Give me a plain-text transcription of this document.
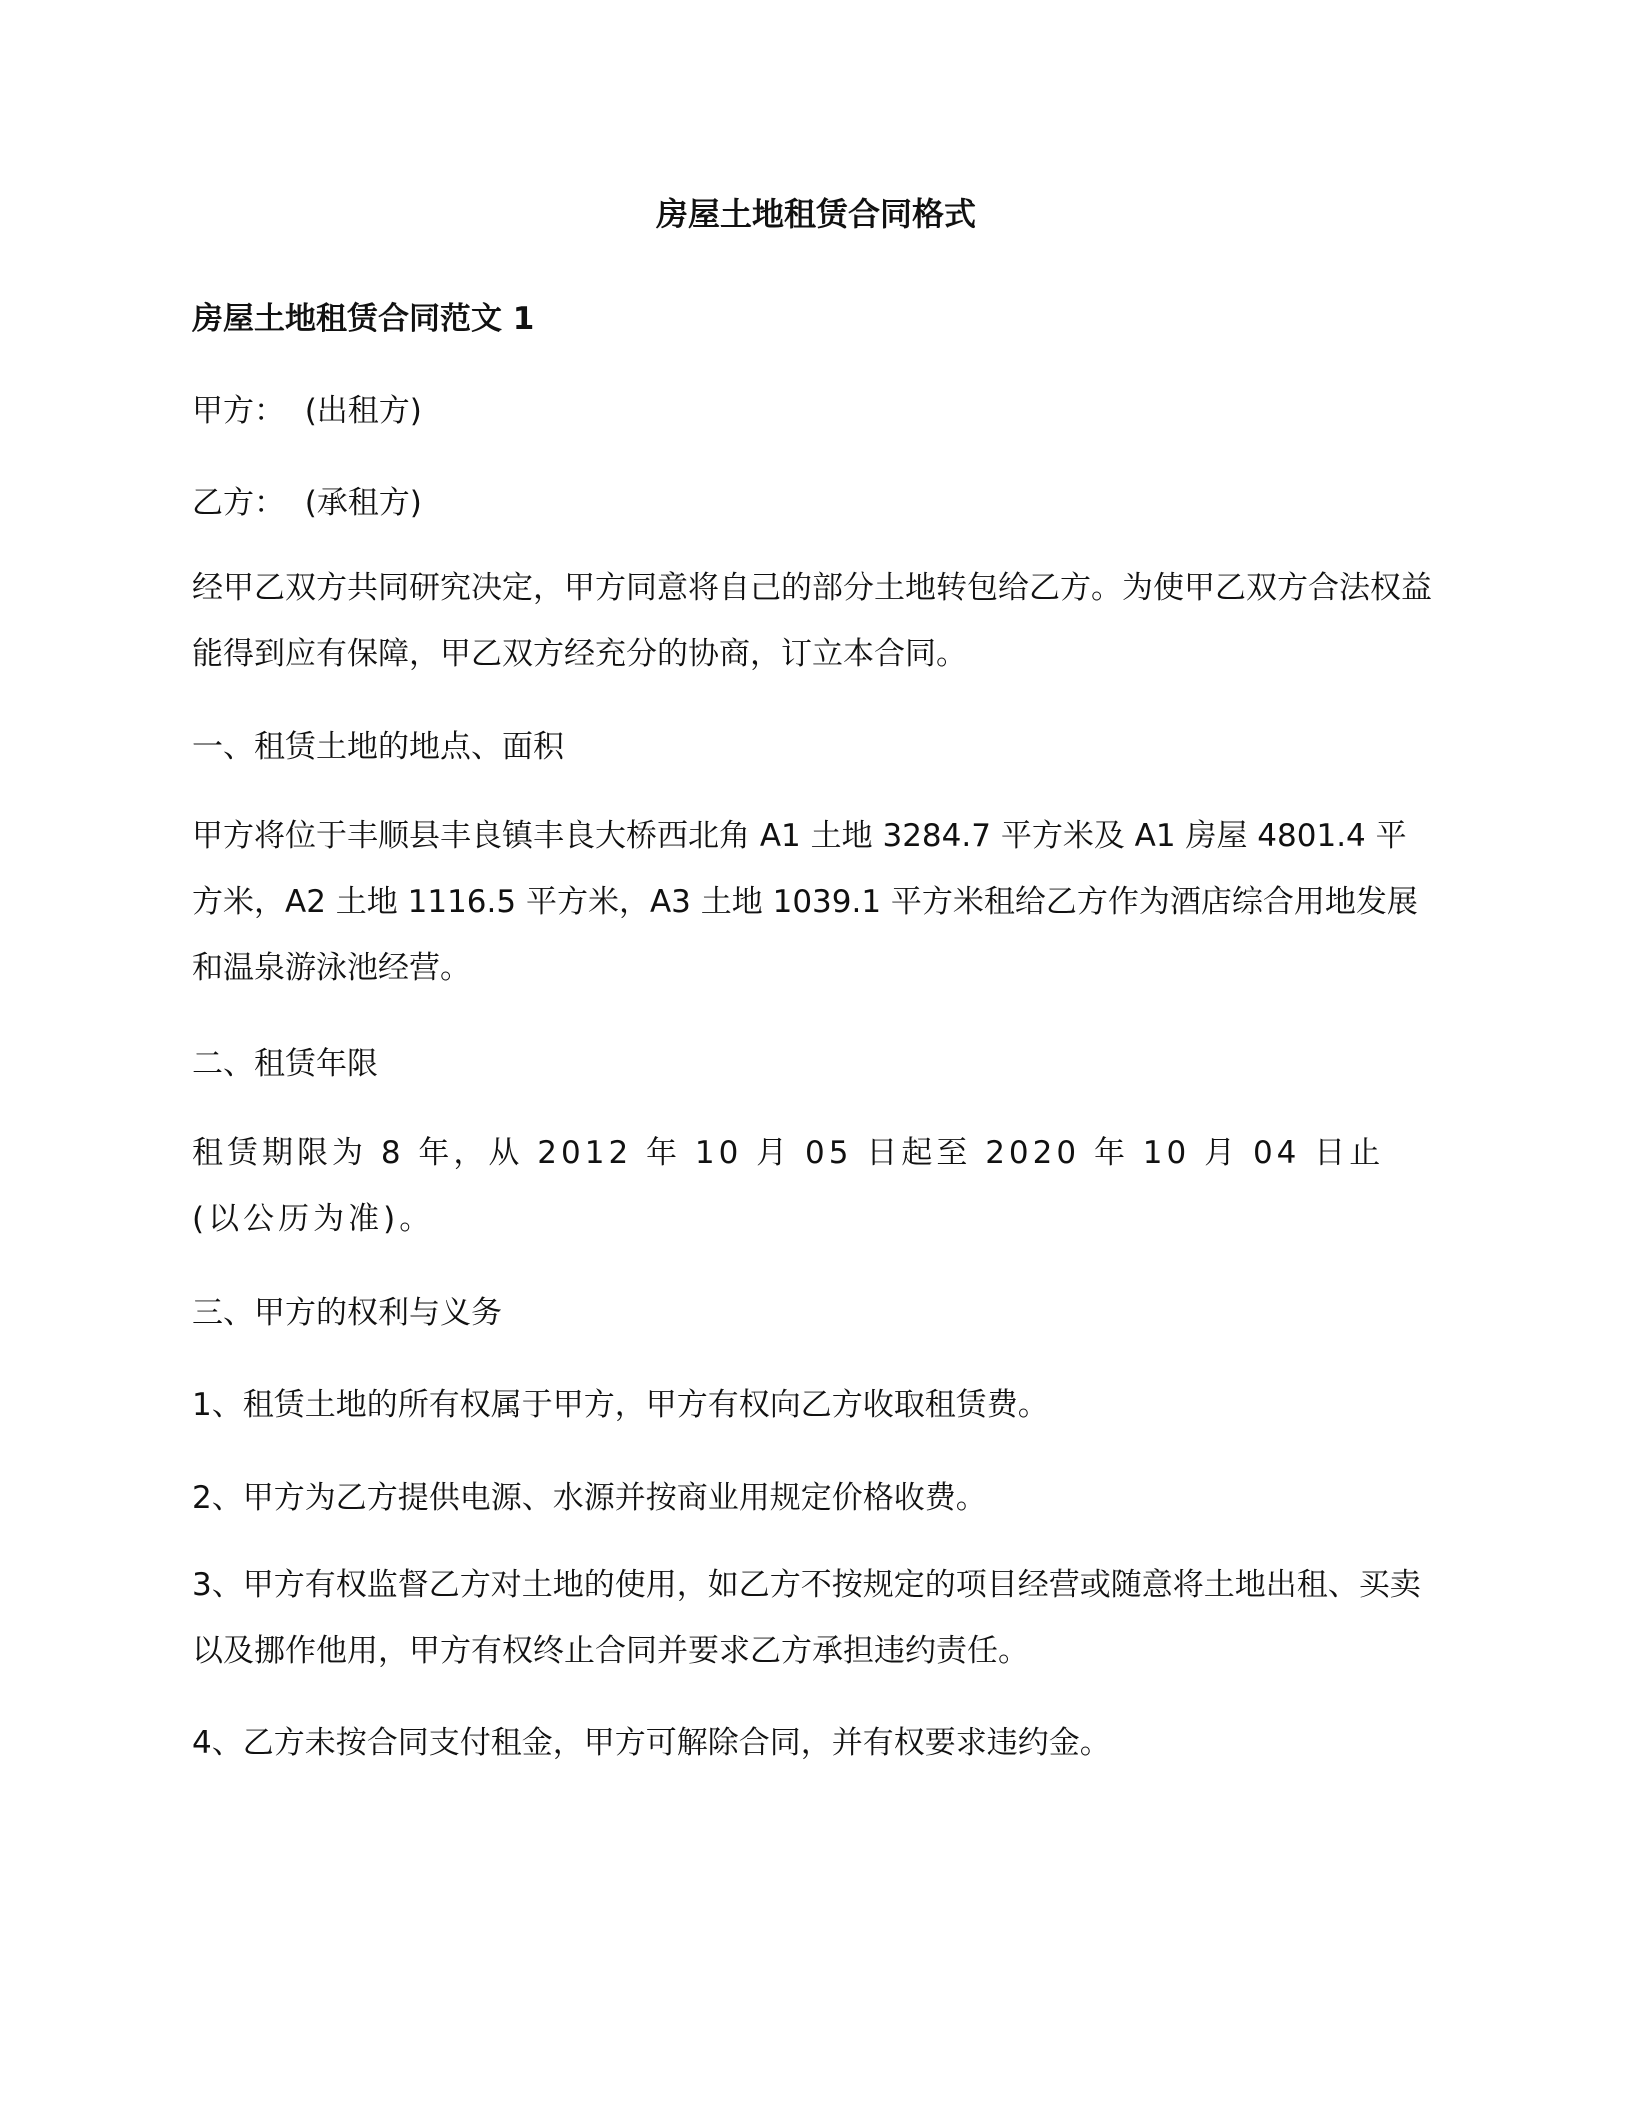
房屋土地租赁合同格式

房屋土地租赁合同范文 1

甲方：  (出租方)

乙方：  (承租方)

经甲乙双方共同研究决定，甲方同意将自己的部分土地转包给乙方。为使甲乙双方合法权益能得到应有保障，甲乙双方经充分的协商，订立本合同。

一、租赁土地的地点、面积

甲方将位于丰顺县丰良镇丰良大桥西北角 A1 土地 3284.7 平方米及 A1 房屋 4801.4 平方米，A2 土地 1116.5 平方米，A3 土地 1039.1 平方米租给乙方作为酒店综合用地发展和温泉游泳池经营。

二、租赁年限

租赁期限为 8 年，从 2012 年 10 月 05 日起至 2020 年 10 月 04 日止(以公历为准)。

三、甲方的权利与义务

1、租赁土地的所有权属于甲方，甲方有权向乙方收取租赁费。

2、甲方为乙方提供电源、水源并按商业用规定价格收费。

3、甲方有权监督乙方对土地的使用，如乙方不按规定的项目经营或随意将土地出租、买卖以及挪作他用，甲方有权终止合同并要求乙方承担违约责任。

4、乙方未按合同支付租金，甲方可解除合同，并有权要求违约金。
